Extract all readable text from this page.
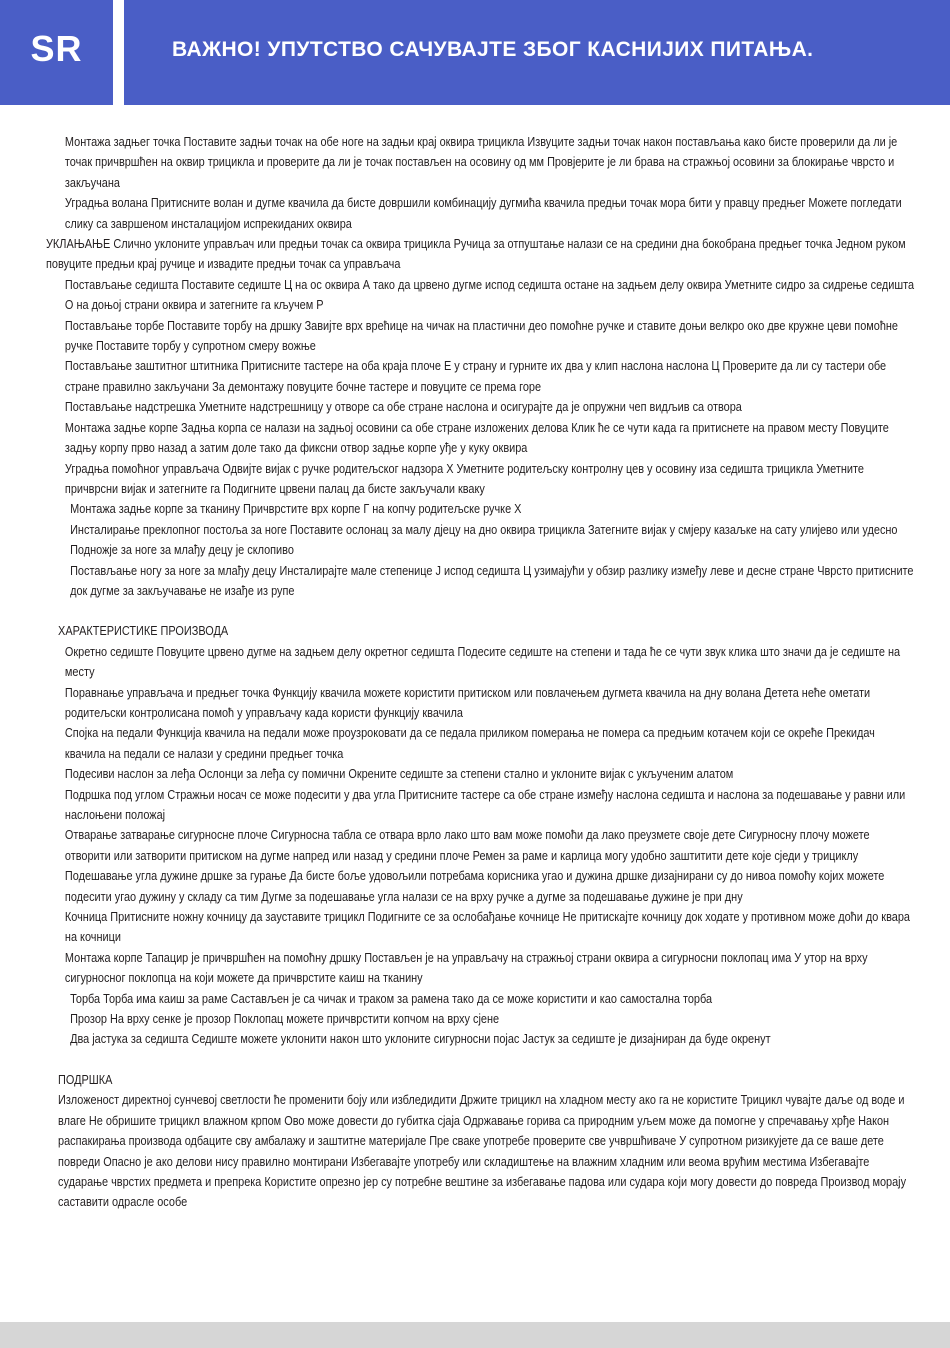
SR	ВАЖНО! УПУТСТВО САЧУВАЈТЕ ЗБОГ КАСНИЈИХ ПИТАЊА.

Монтажа задњег точка Поставите задњи точак на обе ноге на задњи крај оквира трицикла Извуците задњи точак након постављања како бисте проверили да ли је точак причвршћен на оквир трицикла и проверите да ли је точак постављен на осовину од мм Провјерите је ли брава на стражњој осовини за блокирање чврсто и закључана

Уградња волана Притисните волан и дугме квачила да бисте довршили комбинацију дугмића квачила предњи точак мора бити у правцу предњег Можете погледати слику са завршеном инсталацијом испрекиданих оквира

УКЛАЊАЊЕ Слично уклоните управљач или предњи точак са оквира трицикла Ручица за отпуштање налази се на средини дна бокобрана предњег точка Једном руком повуците предњи крај ручице и извадите предњи точак са управљача

Постављање седишта Поставите седиште Ц на ос оквира А тако да црвено дугме испод седишта остане на задњем делу оквира Уметните сидро за сидрење седишта О на доњој страни оквира и затегните га кључем Р

Постављање торбе Поставите торбу на дршку Завијте врх врећице на чичак на пластични део помоћне ручке и ставите доњи велкро око две кружне цеви помоћне ручке Поставите торбу у супротном смеру вожње

Постављање заштитног штитника Притисните тастере на оба краја плоче Е у страну и гурните их два у клип наслона наслона Ц Проверите да ли су тастери обе стране правилно закључани За демонтажу повуците бочне тастере и повуците се према горе

Постављање надстрешка Уметните надстрешницу у отворе са обе стране наслона и осигурајте да је опружни чеп видљив са отвора

Монтажа задње корпе Задња корпа се налази на задњој осовини са обе стране изложених делова Клик ће се чути када га притиснете на правом месту Повуците задњу корпу прво назад а затим доле тако да фиксни отвор задње корпе уђе у куку оквира

Уградња помоћног управљача Одвијте вијак с ручке родитељског надзора Х Уметните родитељску контролну цев у осовину иза седишта трицикла Уметните причврсни вијак и затегните га Подигните црвени палац да бисте закључали кваку

Монтажа задње корпе за тканину Причврстите врх корпе Г на копчу родитељске ручке Х

Инсталирање преклопног постоља за ноге Поставите ослонац за малу дјецу на дно оквира трицикла Затегните вијак у смјеру казаљке на сату улијево или удесно Подножје за ноге за млађу децу је склопиво

Постављање ногу за ноге за млађу децу Инсталирајте мале степенице Ј испод седишта Ц узимајући у обзир разлику између леве и десне стране Чврсто притисните док дугме за закључавање не изађе из рупе

ХАРАКТЕРИСТИКЕ ПРОИЗВОДА

Окретно седиште Повуците црвено дугме на задњем делу окретног седишта Подесите седиште на степени и тада ће се чути звук клика што значи да је седиште на месту

Поравнање управљача и предњег точка Функцију квачила можете користити притиском или повлачењем дугмета квачила на дну волана Детета неће ометати родитељски контролисана помоћ у управљачу када користи функцију квачила

Спојка на педали Функција квачила на педали може проузроковати да се педала приликом померања не помера са предњим котачем који се окреће Прекидач квачила на педали се налази у средини предњег точка

Подесиви наслон за леђа Ослонци за леђа су помични Окрените седиште за степени стално и уклоните вијак с укљученим алатом

Подршка под углом Стражњи носач се може подесити у два угла Притисните тастере са обе стране између наслона седишта и наслона за подешавање у равни или наслоњени положај

Отварање затварање сигурносне плоче Сигурносна табла се отвара врло лако што вам може помоћи да лако преузмете своје дете Сигурносну плочу можете отворити или затворити притиском на дугме напред или назад у средини плоче Ремен за раме и карлица могу удобно заштитити дете које сједи у трициклу

Подешавање угла дужине дршке за гурање Да бисте боље удовољили потребама корисника угао и дужина дршке дизајнирани су до нивоа помоћу којих можете подесити угао дужину у складу са тим Дугме за подешавање угла налази се на врху ручке а дугме за подешавање дужине је при дну

Кочница Притисните ножну кочницу да зауставите трицикл Подигните се за ослобађање кочнице Не притискајте кочницу док ходате у противном може доћи до квара на кочници

Монтажа корпе Тапацир је причвршћен на помоћну дршку Постављен је на управљачу на стражњој страни оквира а сигурносни поклопац има У утор на врху сигурносног поклопца на који можете да причврстите каиш на тканину

Торба Торба има каиш за раме Састављен је са чичак и траком за рамена тако да се може користити и као самостална торба

Прозор На врху сенке је прозор Поклопац можете причврстити копчом на врху сјене

Два јастука за седишта Седиште можете уклонити након што уклоните сигурносни појас Јастук за седиште је дизајниран да буде окренут

ПОДРШКА

Изложеност директној сунчевој светлости ће променити боју или избледидити Држите трицикл на хладном месту ако га не користите Трицикл чувајте даље од воде и влаге Не обришите трицикл влажном крпом Ово може довести до губитка сјаја Одржавање горива са природним уљем може да помогне у спречавању хрђе Након распакирања производа одбаците сву амбалажу и заштитне материјале Пре сваке употребе проверите све учвршћиваче У супротном ризикујете да се ваше дете повреди Опасно је ако делови нису правилно монтирани Избегавајте употребу или складиштење на влажним хладним или веома врућим местима Избегавајте сударање чврстих предмета и препрека Користите опрезно јер су потребне вештине за избегавање падова или судара који могу довести до повреда Производ морају саставити одрасле особе
